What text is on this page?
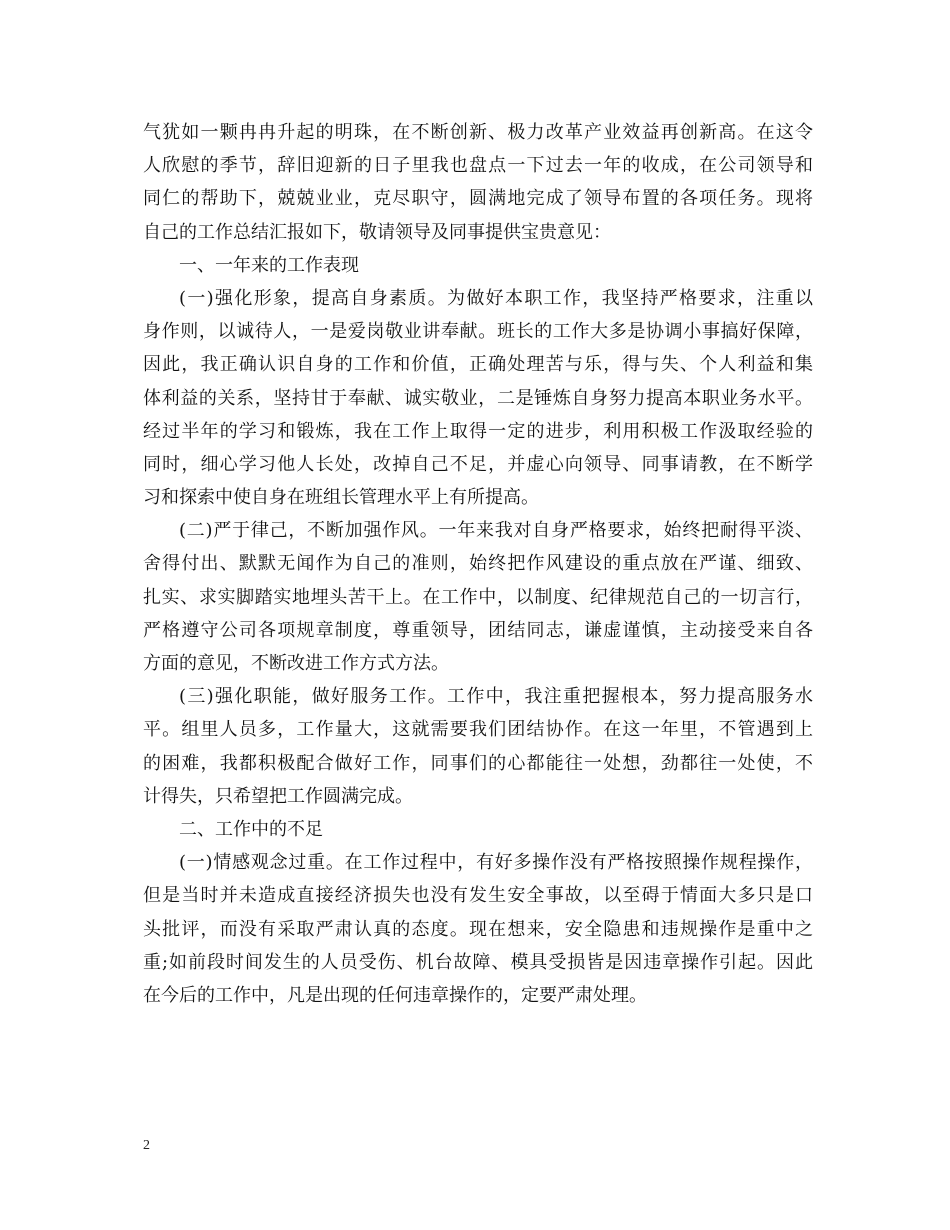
气犹如一颗冉冉升起的明珠，在不断创新、极力改革产业效益再创新高。在这令
人欣慰的季节，辞旧迎新的日子里我也盘点一下过去一年的收成，在公司领导和
同仁的帮助下，兢兢业业，克尽职守，圆满地完成了领导布置的各项任务。现将
自己的工作总结汇报如下，敬请领导及同事提供宝贵意见：
一、一年来的工作表现
(一)强化形象，提高自身素质。为做好本职工作，我坚持严格要求，注重以
身作则，以诚待人，一是爱岗敬业讲奉献。班长的工作大多是协调小事搞好保障，
因此，我正确认识自身的工作和价值，正确处理苦与乐，得与失、个人利益和集
体利益的关系，坚持甘于奉献、诚实敬业，二是锤炼自身努力提高本职业务水平。
经过半年的学习和锻炼，我在工作上取得一定的进步，利用积极工作汲取经验的
同时，细心学习他人长处，改掉自己不足，并虚心向领导、同事请教，在不断学
习和探索中使自身在班组长管理水平上有所提高。
(二)严于律己，不断加强作风。一年来我对自身严格要求，始终把耐得平淡、
舍得付出、默默无闻作为自己的准则，始终把作风建设的重点放在严谨、细致、
扎实、求实脚踏实地埋头苦干上。在工作中，以制度、纪律规范自己的一切言行，
严格遵守公司各项规章制度，尊重领导，团结同志，谦虚谨慎，主动接受来自各
方面的意见，不断改进工作方式方法。
(三)强化职能，做好服务工作。工作中，我注重把握根本，努力提高服务水
平。组里人员多，工作量大，这就需要我们团结协作。在这一年里，不管遇到上
的困难，我都积极配合做好工作，同事们的心都能往一处想，劲都往一处使，不
计得失，只希望把工作圆满完成。
二、工作中的不足
(一)情感观念过重。在工作过程中，有好多操作没有严格按照操作规程操作，
但是当时并未造成直接经济损失也没有发生安全事故，以至碍于情面大多只是口
头批评，而没有采取严肃认真的态度。现在想来，安全隐患和违规操作是重中之
重;如前段时间发生的人员受伤、机台故障、模具受损皆是因违章操作引起。因此
在今后的工作中，凡是出现的任何违章操作的，定要严肃处理。
2
